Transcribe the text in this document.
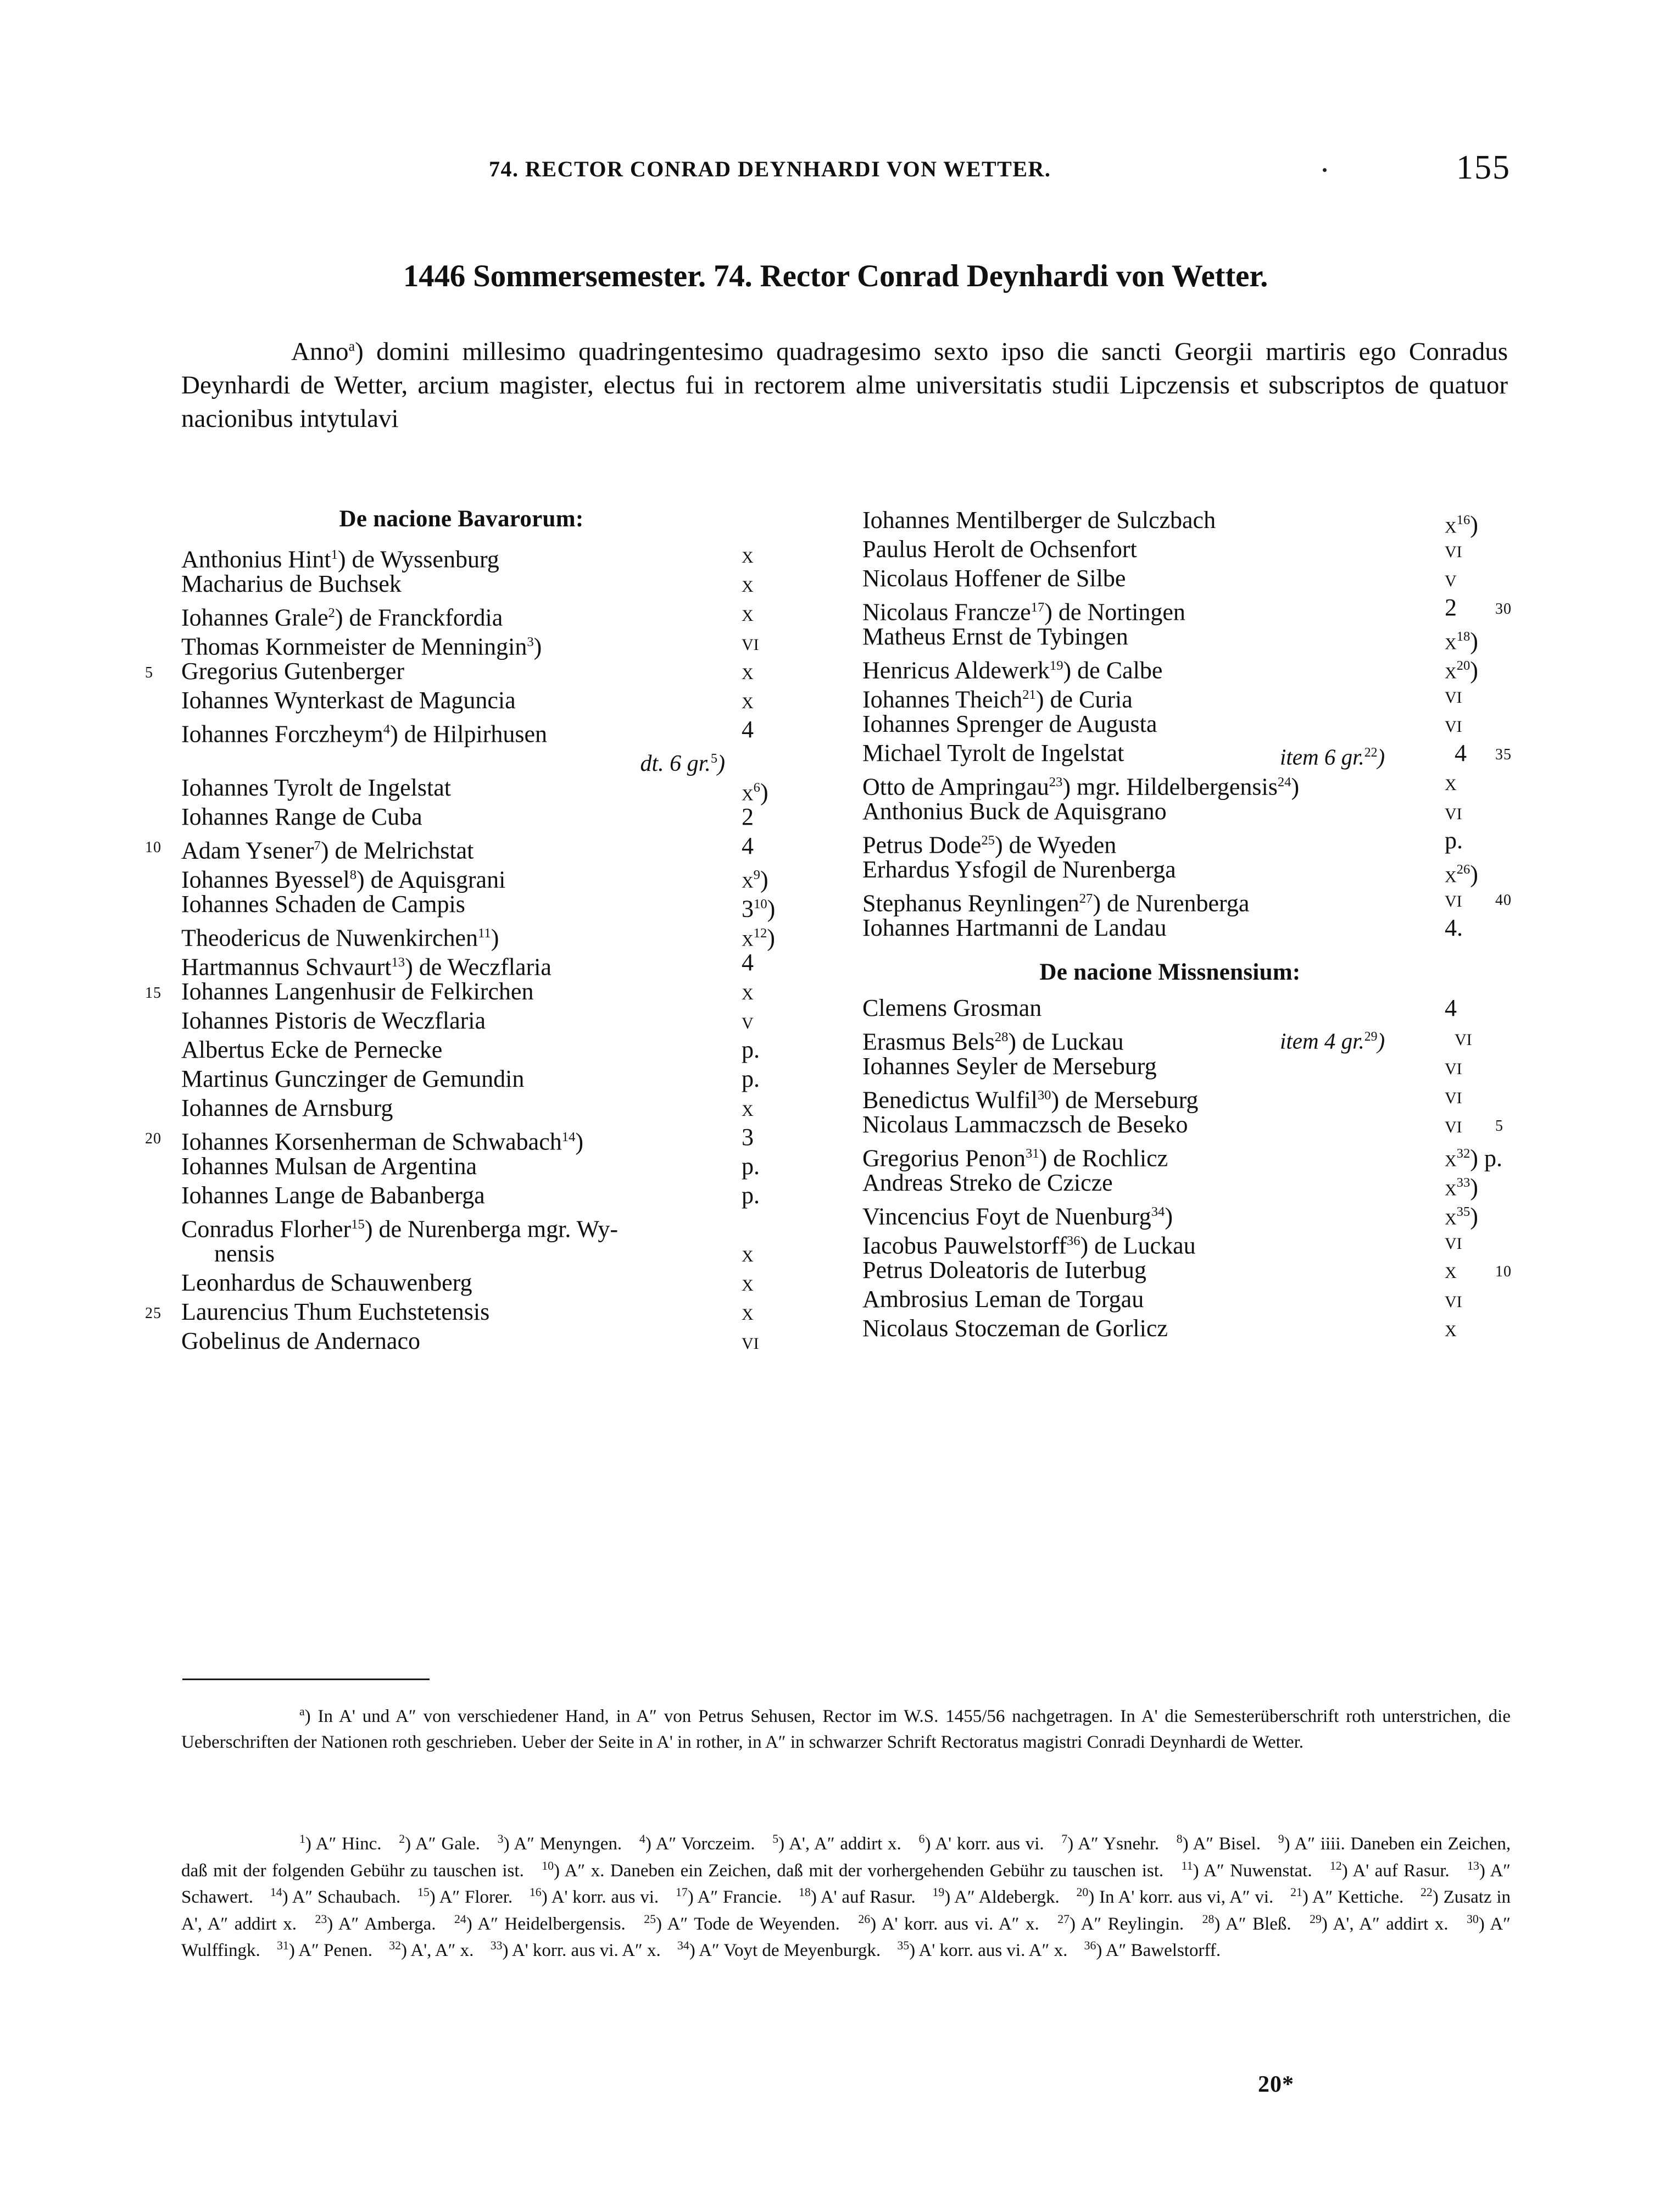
74. RECTOR CONRAD DEYNHARDI VON WETTER.	155
1446 Sommersemester. 74. Rector Conrad Deynhardi von Wetter.
Anno$^a$) domini millesimo quadringentesimo quadragesimo sexto ipso die sancti Georgii martiris ego Conradus Deynhardi de Wetter, arcium magister, electus fui in rectorem alme universitatis studii Lipczensis et subscriptos de quatuor nacionibus intytulavi
De nacione Bavarorum:
Anthonius Hint$^1$) de Wyssenburg	x
Macharius de Buchsek	x
Iohannes Grale$^2$) de Franckfordia	x
Thomas Kornmeister de Menningin$^3$)	vi
5 Gregorius Gutenberger	x
Iohannes Wynterkast de Maguncia	x
Iohannes Forczheym$^4$) de Hilpirhusen	4
dt. 6 gr.$^5$)
Iohannes Tyrolt de Ingelstat	$x^6$)
Iohannes Range de Cuba	2
10 Adam Ysener$^7$) de Melrichstat	4
Iohannes Byessel$^8$) de Aquisgrani	$x^9$)
Iohannes Schaden de Campis	$3^{10}$)
Theodericus de Nuwenkirchen$^{11}$)	$x^{12}$)
Hartmannus Schvaurt$^{13}$) de Weczflaria	4
15 Iohannes Langenhusir de Felkirchen	x
Iohannes Pistoris de Weczflaria	v
Albertus Ecke de Pernecke	p.
Martinus Gunczinger de Gemundin	p.
Iohannes de Arnsburg	x
20 Iohannes Korsenherman de Schwabach$^{14}$)	3
Iohannes Mulsan de Argentina	p.
Iohannes Lange de Babanberga	p.
Conradus Florher$^{15}$) de Nurenberga mgr. Wy-
nensis	x
Leonhardus de Schauwenberg	x
25 Laurencius Thum Euchstetensis	x
Gobelinus de Andernaco	vi
Iohannes Mentilberger de Sulczbach	$x^{16}$)
Paulus Herolt de Ochsenfort	vi
Nicolaus Hoffener de Silbe	v
Nicolaus Francze$^{17}$) de Nortingen	2	30
Matheus Ernst de Tybingen	$x^{18}$)
Henricus Aldewerk$^{19}$) de Calbe	$x^{20}$)
Iohannes Theich$^{21}$) de Curia	vi
Iohannes Sprenger de Augusta	vi
Michael Tyrolt de Ingelstat	item 6 gr.$^{22}$)	4 35
Otto de Ampringau$^{23}$) mgr. Hildelbergensis$^{24}$)	x
Anthonius Buck de Aquisgrano	vi
Petrus Dode$^{25}$) de Wyeden	p.
Erhardus Ysfogil de Nurenberga	$x^{26}$)
Stephanus Reynlingen$^{27}$) de Nurenberga	vi 40
Iohannes Hartmanni de Landau	4.
De nacione Missnensium:
Clemens Grosman	4
Erasmus Bels$^{28}$) de Luckau	item 4 gr.$^{29}$)	vi
Iohannes Seyler de Merseburg	vi
Benedictus Wulfil$^{30}$) de Merseburg	vi
Nicolaus Lammaczsch de Beseko	vi 5
Gregorius Penon$^{31}$) de Rochlicz	$x^{32}$) p.
Andreas Streko de Czicze	$x^{33}$)
Vincencius Foyt de Nuenburg$^{34}$)	$x^{35}$)
Iacobus Pauwelstorff$^{36}$) de Luckau	vi
Petrus Doleatoris de Iuterbug	x	10
Ambrosius Leman de Torgau	vi
Nicolaus Stoczeman de Gorlicz	x
$^a$) In A' und A″ von verschiedener Hand, in A″ von Petrus Sehusen, Rector im W.S. 1455/56 nachgetragen. In A' die Semesterüberschrift roth unterstrichen, die Ueberschriften der Nationen roth geschrieben. Ueber der Seite in A' in rother, in A″ in schwarzer Schrift Rectoratus magistri Conradi Deynhardi de Wetter.
$^1$) A″ Hinc. $^2$) A″ Gale. $^3$) A″ Menyngen. $^4$) A″ Vorczeim. $^5$) A', A″ addirt x. $^6$) A' korr. aus vi. $^7$) A″ Ysnehr. $^8$) A″ Bisel. $^9$) A″ iiii. Daneben ein Zeichen, daß mit der folgenden Gebühr zu tauschen ist. $^{10}$) A″ x. Daneben ein Zeichen, daß mit der vorhergehenden Gebühr zu tauschen ist. $^{11}$) A″ Nuwenstat. $^{12}$) A' auf Rasur. $^{13}$) A″ Schawert. $^{14}$) A″ Schaubach. $^{15}$) A″ Florer. $^{16}$) A' korr. aus vi. $^{17}$) A″ Francie. $^{18}$) A' auf Rasur. $^{19}$) A″ Aldebergk. $^{20}$) In A' korr. aus vi, A″ vi. $^{21}$) A″ Kettiche. $^{22}$) Zusatz in A', A″ addirt x. $^{23}$) A″ Amberga. $^{24}$) A″ Heidelbergensis. $^{25}$) A″ Tode de Weyenden. $^{26}$) A' korr. aus vi. A″ x. $^{27}$) A″ Reylingin. $^{28}$) A″ Bleß. $^{29}$) A', A″ addirt x. $^{30}$) A″ Wulffingk. $^{31}$) A″ Penen. $^{32}$) A', A″ x. $^{33}$) A' korr. aus vi. A″ x. $^{34}$) A″ Voyt de Meyenburgk. $^{35}$) A' korr. aus vi. A″ x. $^{36}$) A″ Bawelstorff.
20*
